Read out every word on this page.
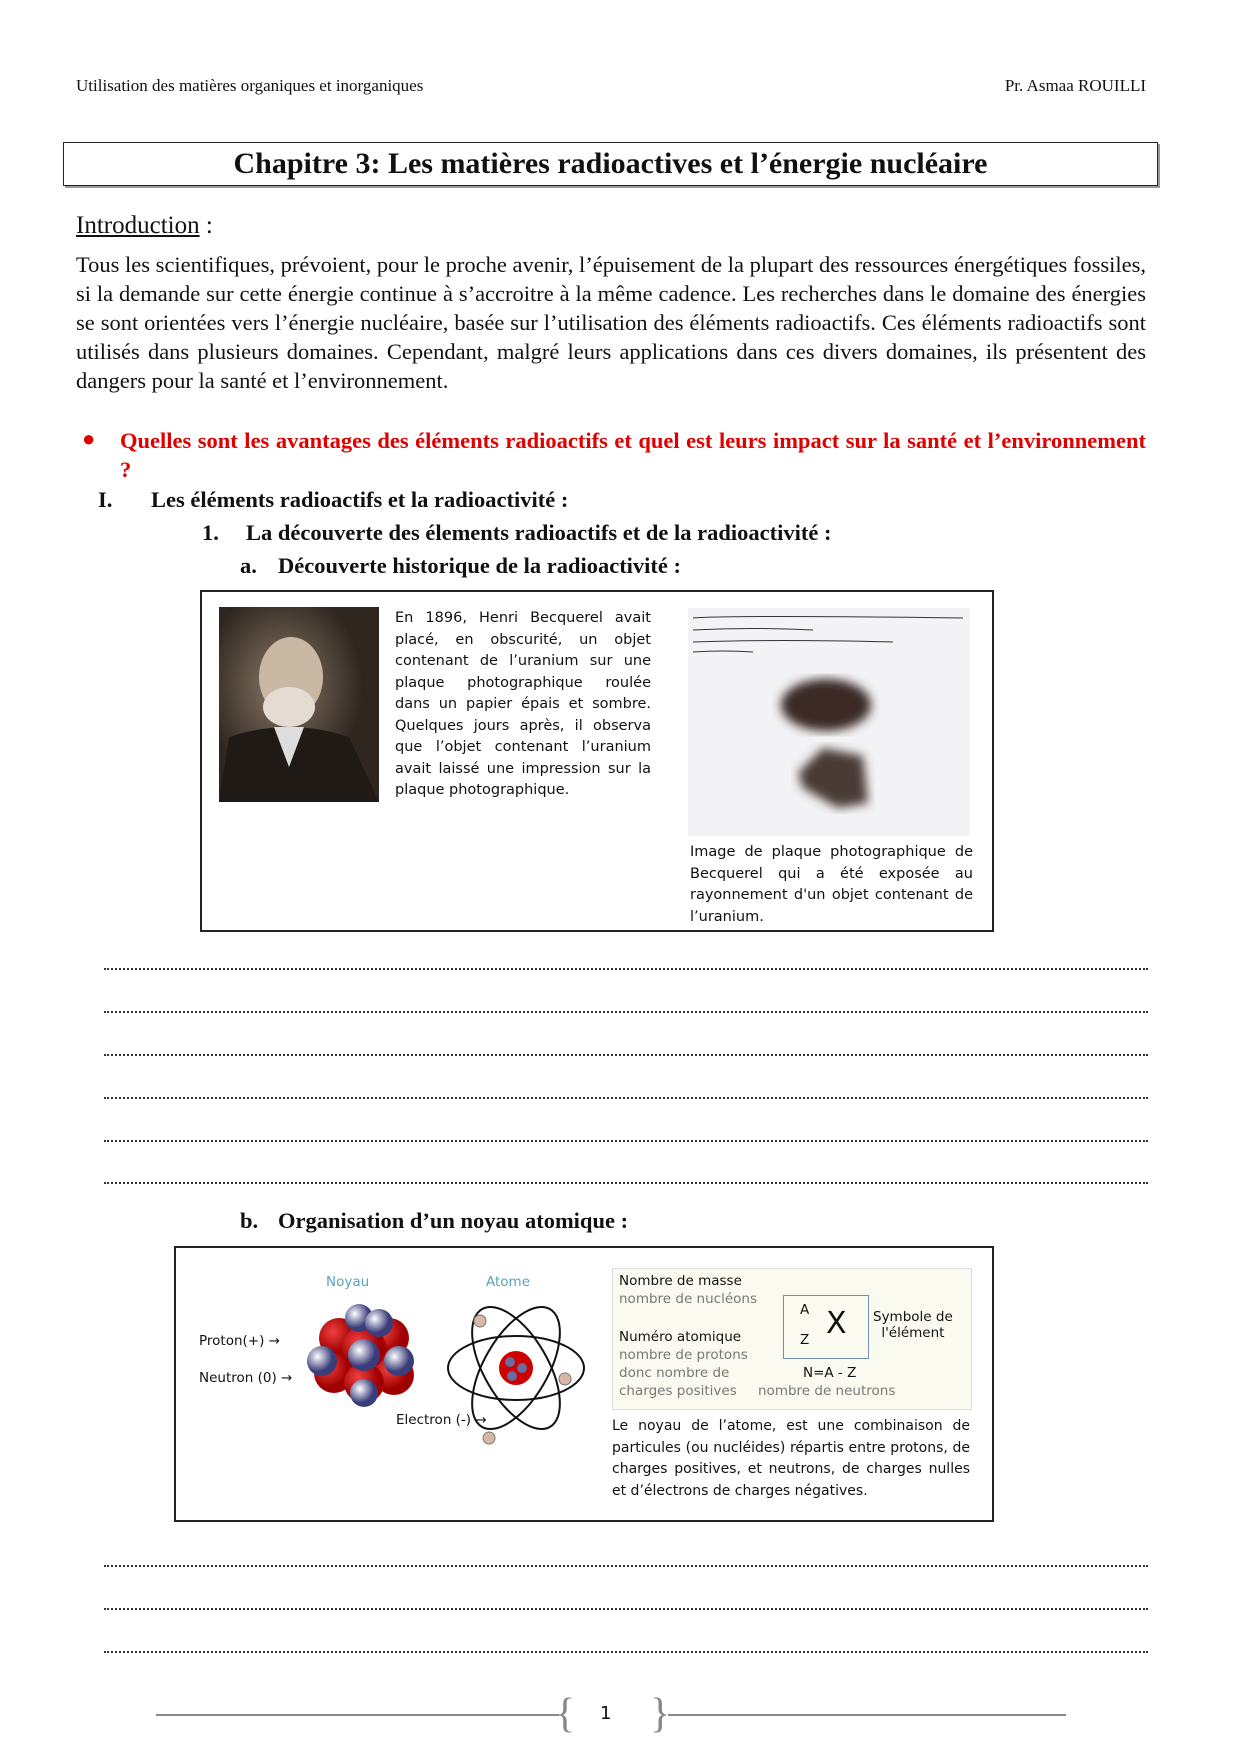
Utilisation des matières organiques et inorganiques	Pr. Asmaa ROUILLI
Chapitre 3: Les matières radioactives et l’énergie nucléaire
Introduction :
Tous les scientifiques, prévoient, pour le proche avenir, l’épuisement de la plupart des ressources énergétiques fossiles, si la demande sur cette énergie continue à s’accroitre à la même cadence. Les recherches dans le domaine des énergies se sont orientées vers l’énergie nucléaire, basée sur l’utilisation des éléments radioactifs. Ces éléments radioactifs sont utilisés dans plusieurs domaines. Cependant, malgré leurs applications dans ces divers domaines, ils présentent des dangers pour la santé et l’environnement.
● Quelles sont les avantages des éléments radioactifs et quel est leurs impact sur la santé et l’environnement ?
I. Les éléments radioactifs et la radioactivité :
1. La découverte des élements radioactifs et de la radioactivité :
a. Découverte historique de la radioactivité :
En 1896, Henri Becquerel avait placé, en obscurité, un objet contenant de l’uranium sur une plaque photographique roulée dans un papier épais et sombre. Quelques jours après, il observa que l’objet contenant l’uranium avait laissé une impression sur la plaque photographique.
Image de plaque photographique de Becquerel qui a été exposée au rayonnement d'un objet contenant de l’uranium.
b. Organisation d’un noyau atomique :
Noyau	Atome
Proton(+) →
Neutron (0) →
Electron (-) →
Nombre de masse
nombre de nucléons
Numéro atomique
nombre de protons
donc nombre de
charges positives
A
Z X Symbole de
l'élément
N=A - Z
nombre de neutrons
Le noyau de l’atome, est une combinaison de particules (ou nucléides) répartis entre protons, de charges positives, et neutrons, de charges nulles et d’électrons de charges négatives.
{ }
1
